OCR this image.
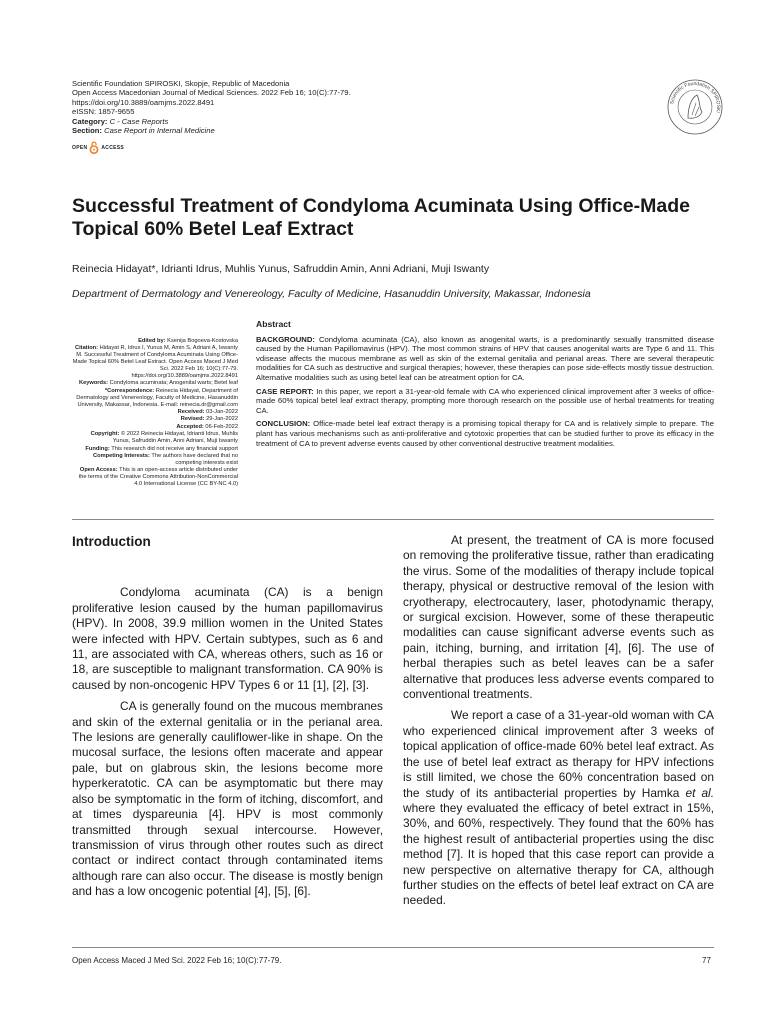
Scientific Foundation SPIROSKI, Skopje, Republic of Macedonia
Open Access Macedonian Journal of Medical Sciences. 2022 Feb 16; 10(C):77-79.
https://doi.org/10.3889/oamjms.2022.8491
eISSN: 1857-9655
Category: C - Case Reports
Section: Case Report in Internal Medicine
OPEN	ACCESS
Scientific Foundation SPIROSKI
Successful Treatment of Condyloma Acuminata Using Office-Made Topical 60% Betel Leaf Extract
Reinecia Hidayat*, Idrianti Idrus, Muhlis Yunus, Safruddin Amin, Anni Adriani, Muji Iswanty
Department of Dermatology and Venereology, Faculty of Medicine, Hasanuddin University, Makassar, Indonesia
Edited by: Ksenija Bogoeva-Kostovska
Citation: Hidayat R, Idrus I, Yunus M, Amin S, Adriani A, Iswanty M. Successful Treatment of Condyloma Acuminata Using Office-Made Topical 60% Betel Leaf Extract. Open Access Maced J Med Sci. 2022 Feb 16; 10(C):77-79. https://doi.org/10.3889/oamjms.2022.8491
Keywords: Condyloma acuminata; Anogenital warts; Betel leaf
*Correspondence: Reinecia Hidayat, Department of Dermatology and Venereology, Faculty of Medicine, Hasanuddin University, Makassar, Indonesia. E-mail: reinecia.dr@gmail.com
Received: 03-Jan-2022
Revised: 29-Jan-2022
Accepted: 06-Feb-2022
Copyright: © 2022 Reinecia Hidayat, Idrianti Idrus, Muhlis Yunus, Safruddin Amin, Anni Adriani, Muji Iswanty
Funding: This research did not receive any financial support
Competing Interests: The authors have declared that no competing interests exist
Open Access: This is an open-access article distributed under the terms of the Creative Commons Attribution-NonCommercial 4.0 International License (CC BY-NC 4.0)
Abstract

BACKGROUND: Condyloma acuminata (CA), also known as anogenital warts, is a predominantly sexually transmitted disease caused by the Human Papillomavirus (HPV). The most common strains of HPV that causes anogenital warts are Type 6 and 11. This vdisease affects the mucous membrane as well as skin of the external genitalia and perianal areas. There are several therapeutic modalities for CA such as destructive and surgical therapies; however, these therapies can pose side-effects mostly tissue destruction. Alternative modalities such as using betel leaf can be atreatment option for CA.

CASE REPORT: In this paper, we report a 31-year-old female with CA who experienced clinical improvement after 3 weeks of office-made 60% topical betel leaf extract therapy, prompting more thorough research on the possible use of herbal treatments for treating CA.

CONCLUSION: Office-made betel leaf extract therapy is a promising topical therapy for CA and is relatively simple to prepare. The plant has various mechanisms such as anti-proliferative and cytotoxic properties that can be studied further to prove its efficacy in the treatment of CA to prevent adverse events caused by other conventional destructive treatment modalities.

Introduction

Condyloma acuminata (CA) is a benign proliferative lesion caused by the human papillomavirus (HPV). In 2008, 39.9 million women in the United States were infected with HPV. Certain subtypes, such as 6 and 11, are associated with CA, whereas others, such as 16 or 18, are susceptible to malignant transformation. CA 90% is caused by non-oncogenic HPV Types 6 or 11 [1], [2], [3].

CA is generally found on the mucous membranes and skin of the external genitalia or in the perianal area. The lesions are generally cauliflower-like in shape. On the mucosal surface, the lesions often macerate and appear pale, but on glabrous skin, the lesions become more hyperkeratotic. CA can be asymptomatic but there may also be symptomatic in the form of itching, discomfort, and at times dyspareunia [4]. HPV is most commonly transmitted through sexual intercourse. However, transmission of virus through other routes such as direct contact or indirect contact through contaminated items although rare can also occur. The disease is mostly benign and has a low oncogenic potential [4], [5], [6].

At present, the treatment of CA is more focused on removing the proliferative tissue, rather than eradicating the virus. Some of the modalities of therapy include topical therapy, physical or destructive removal of the lesion with cryotherapy, electrocautery, laser, photodynamic therapy, or surgical excision. However, some of these therapeutic modalities can cause significant adverse events such as pain, itching, burning, and irritation [4], [6]. The use of herbal therapies such as betel leaves can be a safer alternative that produces less adverse events compared to conventional treatments.

We report a case of a 31-year-old woman with CA who experienced clinical improvement after 3 weeks of topical application of office-made 60% betel leaf extract. As the use of betel leaf extract as therapy for HPV infections is still limited, we chose the 60% concentration based on the study of its antibacterial properties by Hamka et al. where they evaluated the efficacy of betel extract in 15%, 30%, and 60%, respectively. They found that the 60% has the highest result of antibacterial properties using the disc method [7]. It is hoped that this case report can provide a new perspective on alternative therapy for CA, although further studies on the effects of betel leaf extract on CA are needed.

Open Access Maced J Med Sci. 2022 Feb 16; 10(C):77-79.	77
